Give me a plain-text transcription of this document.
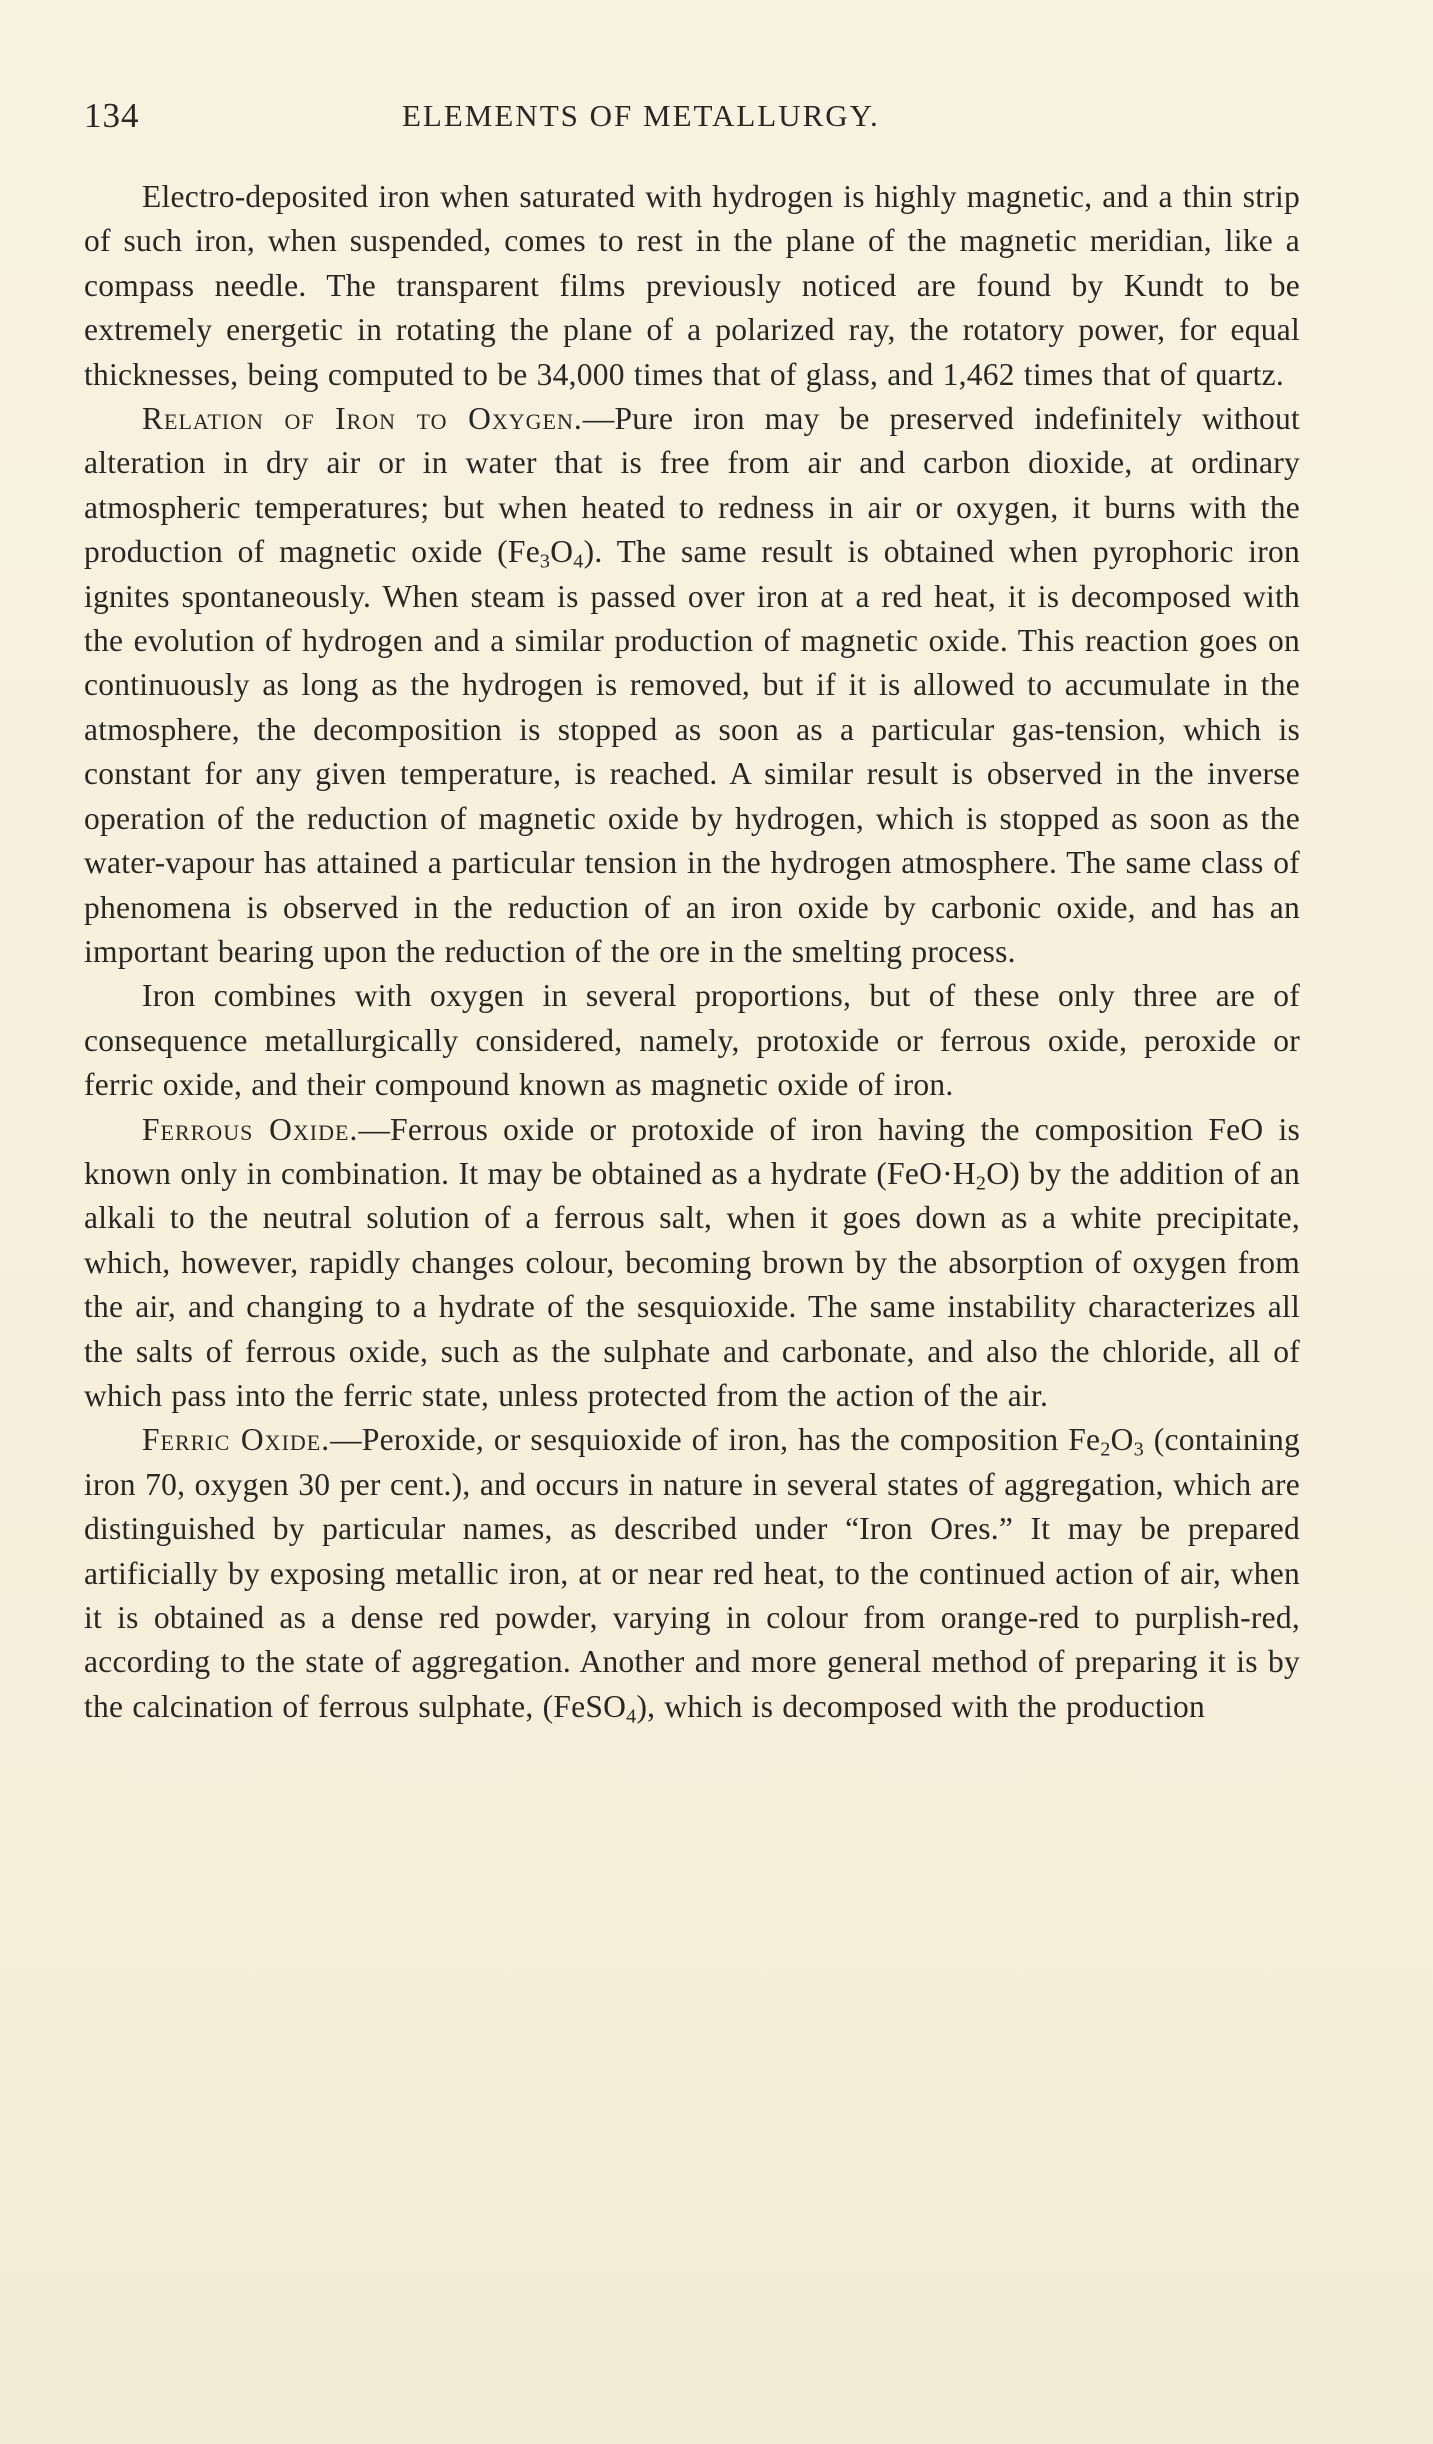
134	ELEMENTS OF METALLURGY.

Electro-deposited iron when saturated with hydrogen is highly magnetic, and a thin strip of such iron, when suspended, comes to rest in the plane of the magnetic meridian, like a compass needle. The transparent films previously noticed are found by Kundt to be extremely energetic in rotating the plane of a polarized ray, the rotatory power, for equal thicknesses, being computed to be 34,000 times that of glass, and 1,462 times that of quartz.

Relation of Iron to Oxygen.—Pure iron may be preserved indefinitely without alteration in dry air or in water that is free from air and carbon dioxide, at ordinary atmospheric temperatures; but when heated to redness in air or oxygen, it burns with the production of magnetic oxide $(Fe_3O_4)$. The same result is obtained when pyrophoric iron ignites spontaneously. When steam is passed over iron at a red heat, it is decomposed with the evolution of hydrogen and a similar production of magnetic oxide. This reaction goes on continuously as long as the hydrogen is removed, but if it is allowed to accumulate in the atmosphere, the decomposition is stopped as soon as a particular gas-tension, which is constant for any given temperature, is reached. A similar result is observed in the inverse operation of the reduction of magnetic oxide by hydrogen, which is stopped as soon as the water-vapour has attained a particular tension in the hydrogen atmosphere. The same class of phenomena is observed in the reduction of an iron oxide by carbonic oxide, and has an important bearing upon the reduction of the ore in the smelting process.

Iron combines with oxygen in several proportions, but of these only three are of consequence metallurgically considered, namely, protoxide or ferrous oxide, peroxide or ferric oxide, and their compound known as magnetic oxide of iron.

Ferrous Oxide.—Ferrous oxide or protoxide of iron having the composition FeO is known only in combination. It may be obtained as a hydrate $(FeO\cdot H_2O)$ by the addition of an alkali to the neutral solution of a ferrous salt, when it goes down as a white precipitate, which, however, rapidly changes colour, becoming brown by the absorption of oxygen from the air, and changing to a hydrate of the sesquioxide. The same instability characterizes all the salts of ferrous oxide, such as the sulphate and carbonate, and also the chloride, all of which pass into the ferric state, unless protected from the action of the air.

Ferric Oxide.—Peroxide, or sesquioxide of iron, has the composition $Fe_2O_3$ (containing iron 70, oxygen 30 per cent.), and occurs in nature in several states of aggregation, which are distinguished by particular names, as described under “Iron Ores.” It may be prepared artificially by exposing metallic iron, at or near red heat, to the continued action of air, when it is obtained as a dense red powder, varying in colour from orange-red to purplish-red, according to the state of aggregation. Another and more general method of preparing it is by the calcination of ferrous sulphate, (FeSO$_4$), which is decomposed with the production
